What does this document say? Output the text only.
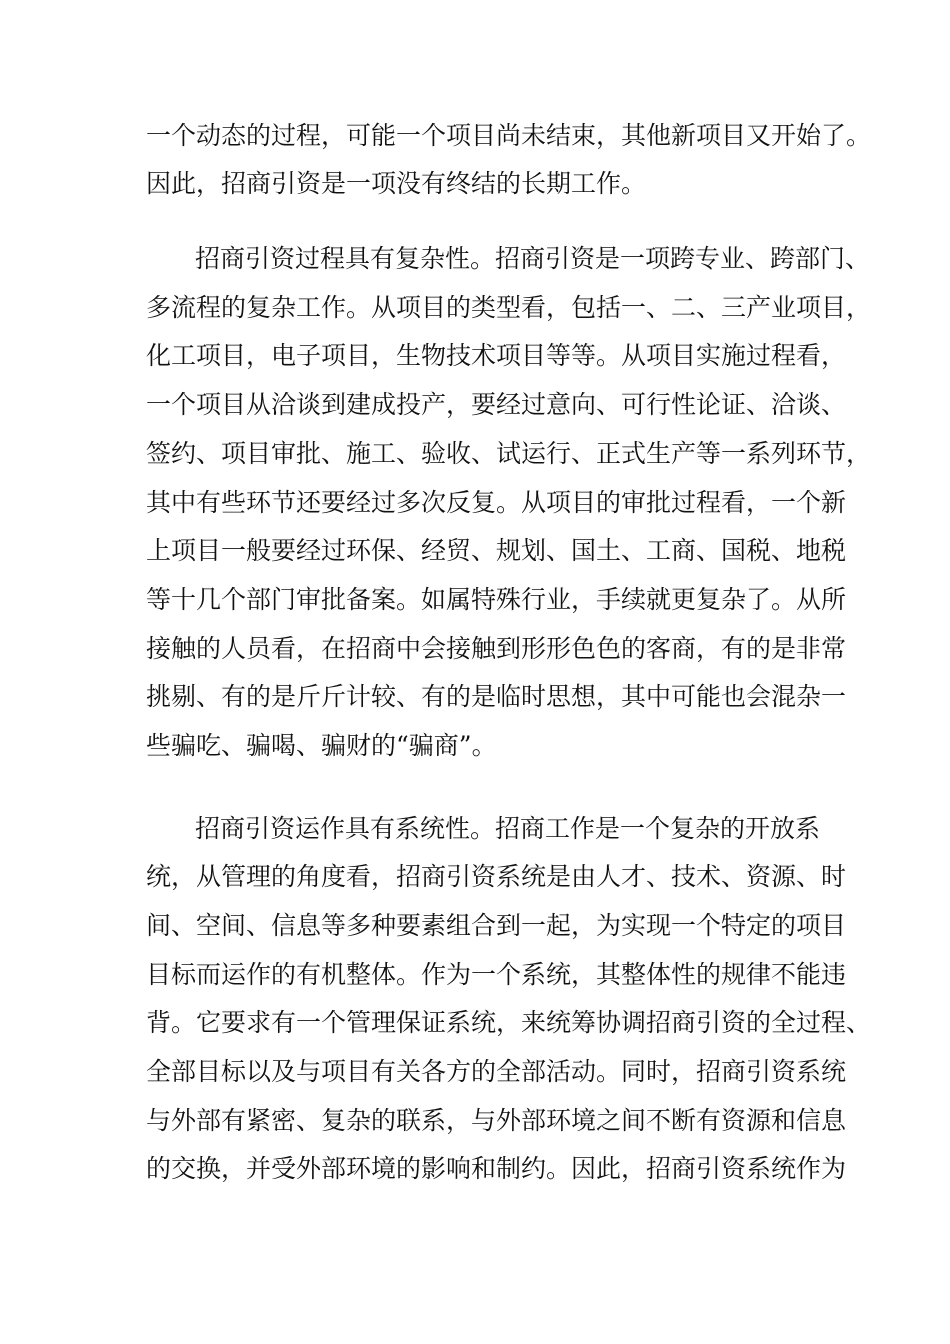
一个动态的过程，可能一个项目尚未结束，其他新项目又开始了。
因此，招商引资是一项没有终结的长期工作。
招商引资过程具有复杂性。招商引资是一项跨专业、跨部门、
多流程的复杂工作。从项目的类型看，包括一、二、三产业项目，
化工项目，电子项目，生物技术项目等等。从项目实施过程看，
一个项目从洽谈到建成投产，要经过意向、可行性论证、洽谈、
签约、项目审批、施工、验收、试运行、正式生产等一系列环节，
其中有些环节还要经过多次反复。从项目的审批过程看，一个新
上项目一般要经过环保、经贸、规划、国土、工商、国税、地税
等十几个部门审批备案。如属特殊行业，手续就更复杂了。从所
接触的人员看，在招商中会接触到形形色色的客商，有的是非常
挑剔、有的是斤斤计较、有的是临时思想，其中可能也会混杂一
些骗吃、骗喝、骗财的“骗商”。
招商引资运作具有系统性。招商工作是一个复杂的开放系
统，从管理的角度看，招商引资系统是由人才、技术、资源、时
间、空间、信息等多种要素组合到一起，为实现一个特定的项目
目标而运作的有机整体。作为一个系统，其整体性的规律不能违
背。它要求有一个管理保证系统，来统筹协调招商引资的全过程、
全部目标以及与项目有关各方的全部活动。同时，招商引资系统
与外部有紧密、复杂的联系，与外部环境之间不断有资源和信息
的交换，并受外部环境的影响和制约。因此，招商引资系统作为
